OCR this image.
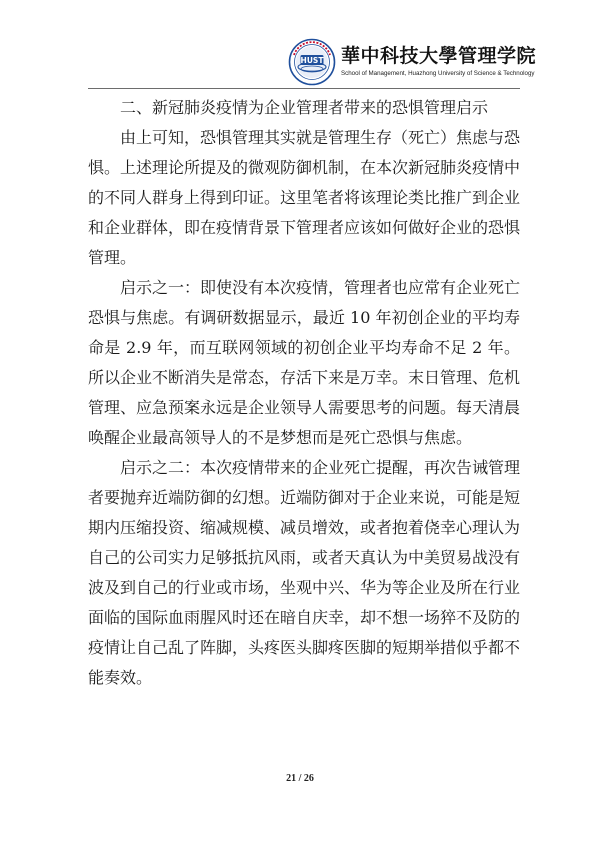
HUST 華中科技大學管理学院
School of Management, Huazhong University of Science & Technology

二、新冠肺炎疫情为企业管理者带来的恐惧管理启示

由上可知，恐惧管理其实就是管理生存（死亡）焦虑与恐惧。上述理论所提及的微观防御机制，在本次新冠肺炎疫情中的不同人群身上得到印证。这里笔者将该理论类比推广到企业和企业群体，即在疫情背景下管理者应该如何做好企业的恐惧管理。

启示之一：即使没有本次疫情，管理者也应常有企业死亡恐惧与焦虑。有调研数据显示，最近 10 年初创企业的平均寿命是 2.9 年，而互联网领域的初创企业平均寿命不足 2 年。所以企业不断消失是常态，存活下来是万幸。末日管理、危机管理、应急预案永远是企业领导人需要思考的问题。每天清晨唤醒企业最高领导人的不是梦想而是死亡恐惧与焦虑。

启示之二：本次疫情带来的企业死亡提醒，再次告诫管理者要抛弃近端防御的幻想。近端防御对于企业来说，可能是短期内压缩投资、缩减规模、减员增效，或者抱着侥幸心理认为自己的公司实力足够抵抗风雨，或者天真认为中美贸易战没有波及到自己的行业或市场，坐观中兴、华为等企业及所在行业面临的国际血雨腥风时还在暗自庆幸，却不想一场猝不及防的疫情让自己乱了阵脚，头疼医头脚疼医脚的短期举措似乎都不能奏效。

21 / 26
